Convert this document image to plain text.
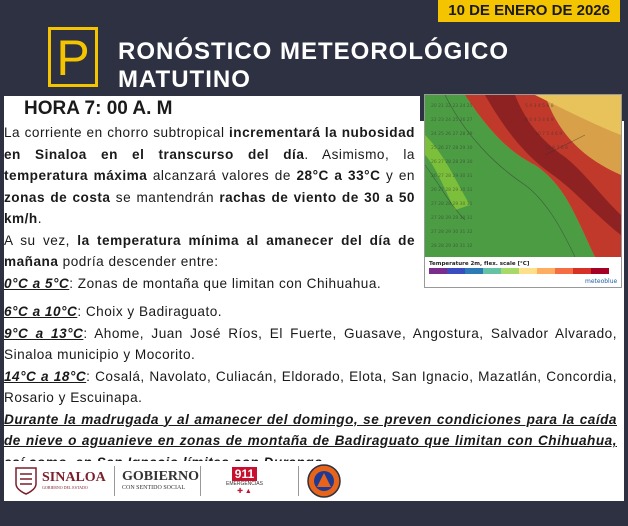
10 DE ENERO DE 2026
P RONÓSTICO METEOROLÓGICO
MATUTINO
HORA 7: 00 A. M

La corriente en chorro subtropical incrementará la nubosidad en Sinaloa en el transcurso del día. Asimismo, la temperatura máxima alcanzará valores de 28°C a 33°C y en zonas de costa se mantendrán rachas de viento de 30 a 50 km/h.

A su vez, la temperatura mínima al amanecer del día de mañana podría descender entre:

0°C a 5°C: Zonas de montaña que limitan con Chihuahua.

6°C a 10°C: Choix y Badiraguato.

9°C a 13°C: Ahome, Juan José Ríos, El Fuerte, Guasave, Angostura, Salvador Alvarado, Sinaloa municipio y Mocorito.

14°C a 18°C: Cosalá, Navolato, Culiacán, Eldorado, Elota, San Ignacio, Mazatlán, Concordia, Rosario y Escuinapa.

Durante la madrugada y al amanecer del domingo, se preven condiciones para la caída de nieve o aguanieve en zonas de montaña de Badiraguato que limitan con Chihuahua,

20 21 22 23 24 25
22 23 24 25 26 27
24 25 26 27 28 29
25 26 27 28 29 30
26 27 28 28 29 30
26 27 28 29 30 31
26 27 28 29 30 31
27 28 28 29 30 31
27 28 29 29 30 31
27 28 29 30 31 32
28 28 29 30 31 32
5 4 3 4 5 6 8
8 6 4 3 4 6 9
10 7 5 4 6 9
12 9 7 6 8
Temperature 2m, fIex. scale [°C]
meteoblue
SINALOA
GOBIERNO DEL ESTADO
GOBIERNO
CON SENTIDO SOCIAL
911
EMERGENCIAS
✚ ▲
